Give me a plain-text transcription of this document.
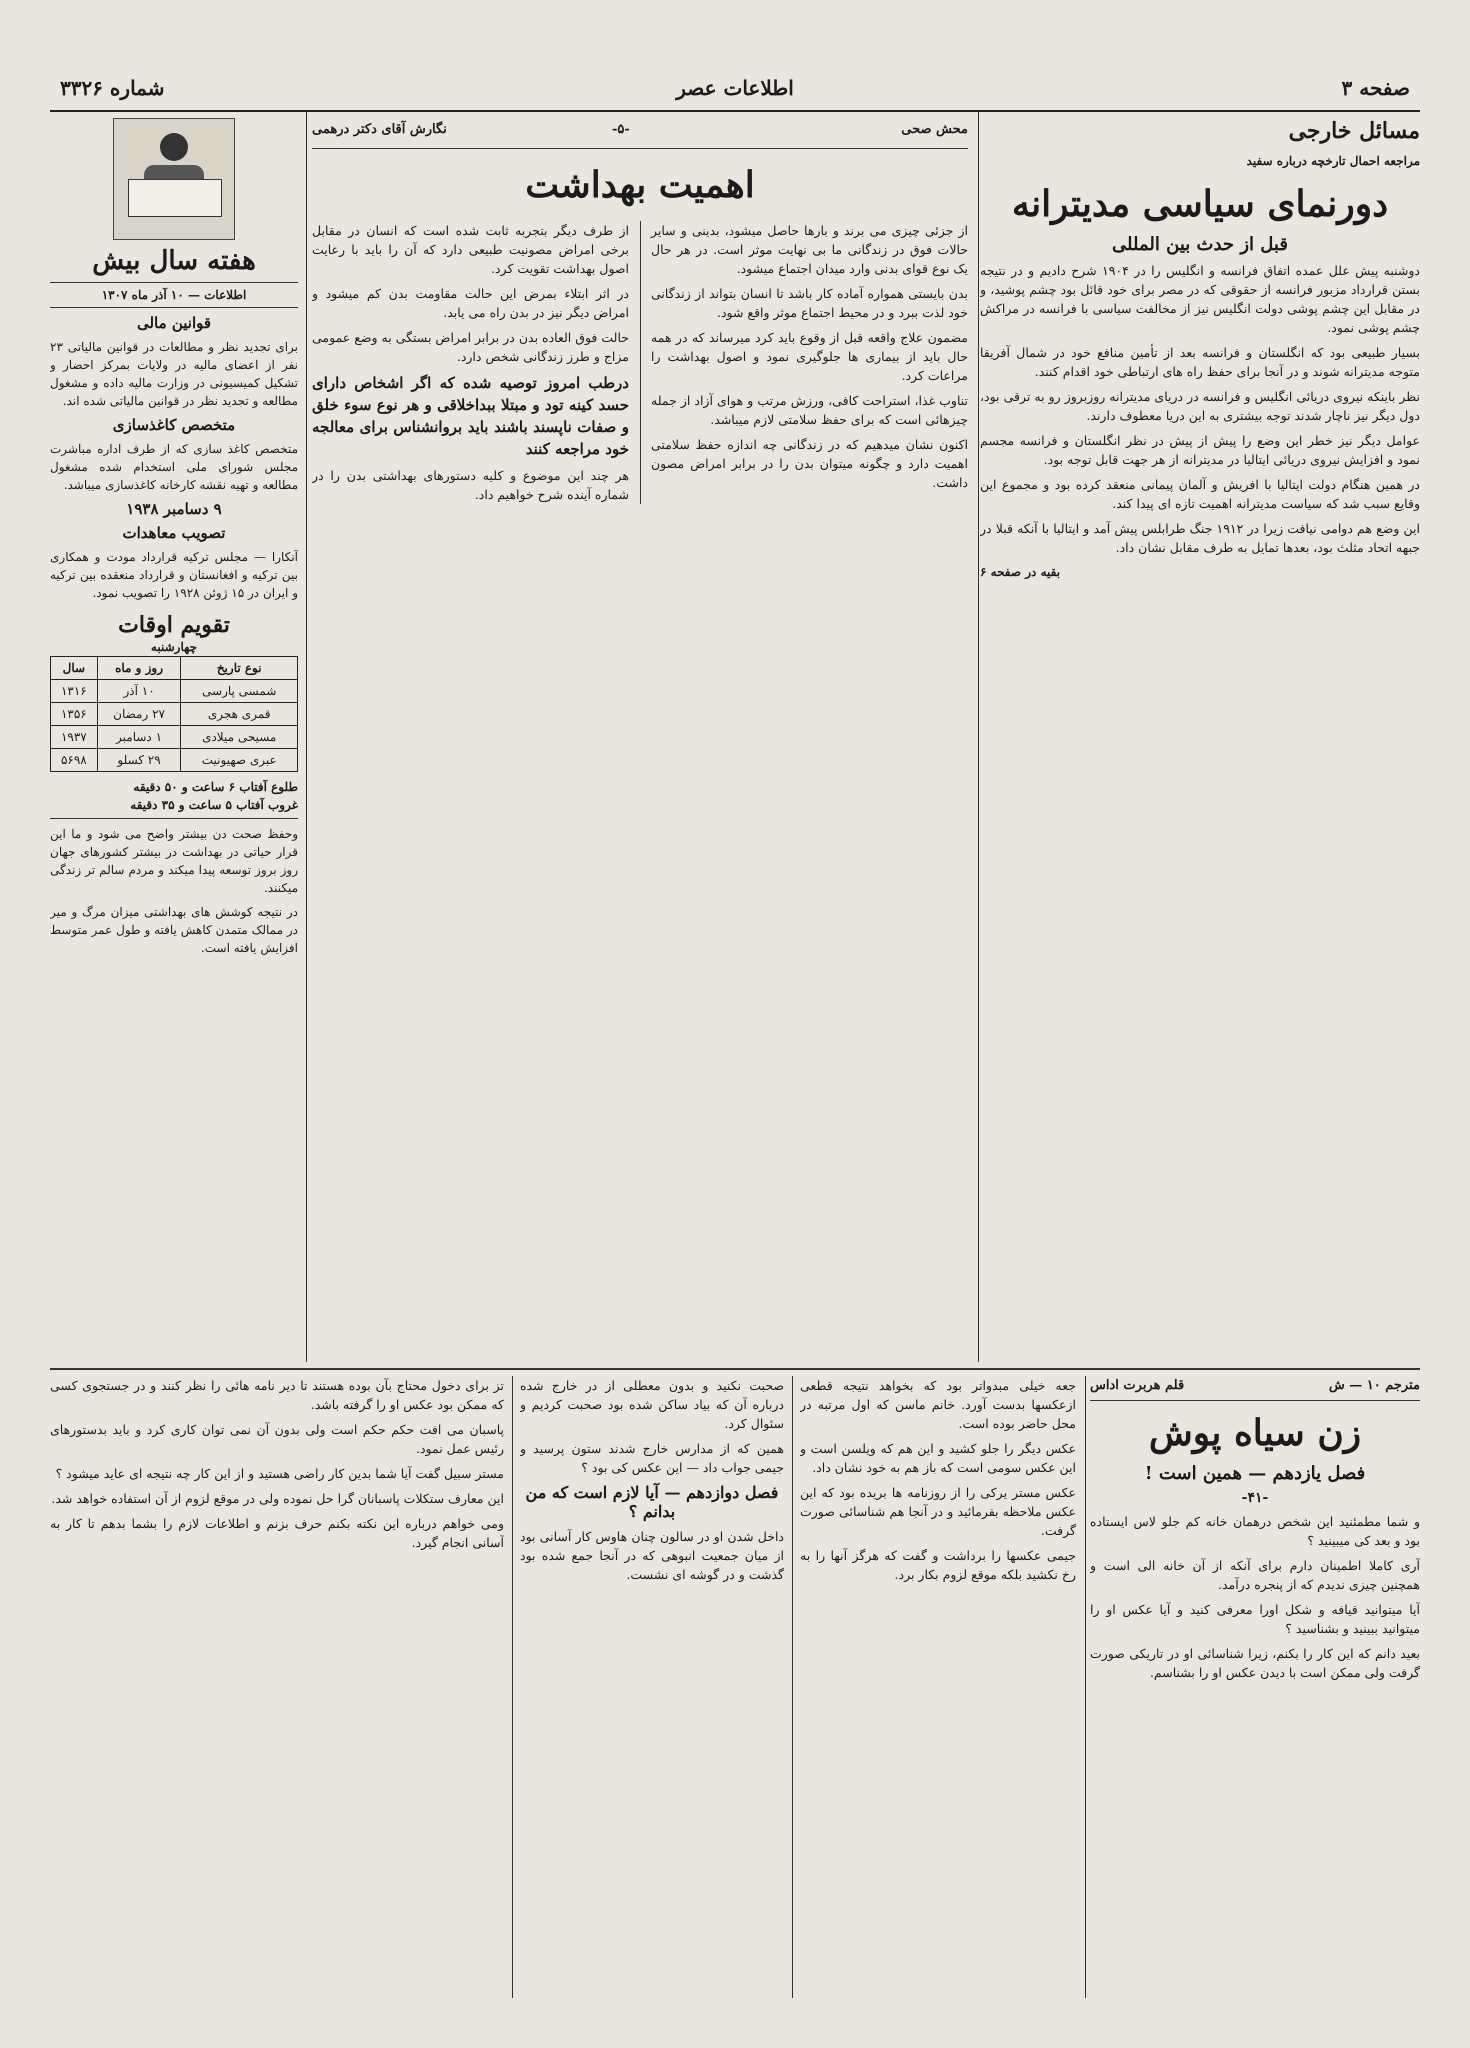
صفحه ۳
اطلاعات عصر
شماره ۳۳۲۶
مسائل خارجی
مراجعه احمال تارخچه درباره سفید
دورنمای سیاسی مدیترانه
قبل از حدث بین المللی

دوشنبه پیش علل عمده اتفاق فرانسه و انگلیس را در ۱۹۰۴ شرح دادیم و در نتیجه بستن قرارداد مزبور فرانسه از حقوقی که در مصر برای خود قائل بود چشم پوشید، و در مقابل این چشم پوشی دولت انگلیس نیز از مخالفت سیاسی با فرانسه در مراکش چشم پوشی نمود.

بسیار طبیعی بود که انگلستان و فرانسه بعد از تأمین منافع خود در شمال آفریقا متوجه مدیترانه شوند و در آنجا برای حفظ راه های ارتباطی خود اقدام کنند.

نظر باینکه نیروی دریائی انگلیس و فرانسه در دریای مدیترانه روزبروز رو به ترقی بود، دول دیگر نیز ناچار شدند توجه بیشتری به این دریا معطوف دارند.

عوامل دیگر نیز خطر این وضع را پیش از پیش در نظر انگلستان و فرانسه مجسم نمود و افزایش نیروی دریائی ایتالیا در مدیترانه از هر جهت قابل توجه بود.

در همین هنگام دولت ایتالیا با افریش و آلمان پیمانی منعقد کرده بود و مجموع این وقایع سبب شد که سیاست مدیترانه اهمیت تازه ای پیدا کند.

این وضع هم دوامی نیافت زیرا در ۱۹۱۲ جنگ طرابلس پیش آمد و ایتالیا با آنکه قبلا در جبهه اتحاد مثلث بود، بعدها تمایل به طرف مقابل نشان داد.

بقیه در صفحه ۶
محش صحی
-۵-
نگارش آقای دکتر درهمی
اهمیت بهداشت

از جزئی چیزی می برند و بارها حاصل میشود، بدینی و سایر حالات فوق در زندگانی ما بی نهایت موثر است. در هر حال یک نوع قوای بدنی وارد میدان اجتماع میشود.

بدن بایستی همواره آماده کار باشد تا انسان بتواند از زندگانی خود لذت ببرد و در محیط اجتماع موثر واقع شود.

مضمون علاج واقعه قبل از وقوع باید کرد میرساند که در همه حال باید از بیماری ها جلوگیری نمود و اصول بهداشت را مراعات کرد.

تناوب غذا، استراحت کافی، ورزش مرتب و هوای آزاد از جمله چیزهائی است که برای حفظ سلامتی لازم میباشد.

اکنون نشان میدهیم که در زندگانی چه اندازه حفظ سلامتی اهمیت دارد و چگونه میتوان بدن را در برابر امراض مصون داشت.

از طرف دیگر بتجربه ثابت شده است که انسان در مقابل برخی امراض مصونیت طبیعی دارد که آن را باید با رعایت اصول بهداشت تقویت کرد.

در اثر ابتلاء بمرض این حالت مقاومت بدن کم میشود و امراض دیگر نیز در بدن راه می یابد.

حالت فوق العاده بدن در برابر امراض بستگی به وضع عمومی مزاج و طرز زندگانی شخص دارد.

درطب امروز توصیه شده که اگر اشخاص دارای حسد کینه تود و مبتلا ببداخلاقی و هر نوع سوء خلق و صفات ناپسند باشند باید بروانشناس برای معالجه خود مراجعه کنند

هر چند این موضوع و کلیه دستورهای بهداشتی بدن را در شماره آینده شرح خواهیم داد.

هفته سال بیش
اطلاعات — ۱۰ آذر ماه ۱۳۰۷
قوانین مالی

برای تجدید نظر و مطالعات در قوانین مالیاتی ۲۳ نفر از اعضای مالیه در ولایات بمرکز احضار و تشکیل کمیسیونی در وزارت مالیه داده و مشغول مطالعه و تجدید نظر در قوانین مالیاتی شده اند.

متخصص کاغذسازی

متخصص کاغذ سازی که از طرف اداره مباشرت مجلس شورای ملی استخدام شده مشغول مطالعه و تهیه نقشه کارخانه کاغذسازی میباشد.

۹ دسامبر ۱۹۳۸
تصویب معاهدات

آنکارا — مجلس ترکیه قرارداد مودت و همکاری بین ترکیه و افغانستان و قرارداد منعقده بین ترکیه و ایران در ۱۵ ژوئن ۱۹۲۸ را تصویب نمود.

تقویم اوقات
چهارشنبه
نوع تاریخ	روز و ماه	سال
شمسی پارسی	۱۰ آذر	۱۳۱۶
قمری هجری	۲۷ رمضان	۱۳۵۶
مسیحی میلادی	۱ دسامبر	۱۹۳۷
عبری صهیونیت	۲۹ کسلو	۵۶۹۸
طلوع آفتاب ۶ ساعت و ۵۰ دقیقه
غروب آفتاب ۵ ساعت و ۳۵ دقیقه

وحفظ صحت دن بیشتر واضح می شود و ما این قرار حیاتی در بهداشت در بیشتر کشورهای جهان روز بروز توسعه پیدا میکند و مردم سالم تر زندگی میکنند.

در نتیجه کوشش های بهداشتی میزان مرگ و میر در ممالک متمدن کاهش یافته و طول عمر متوسط افزایش یافته است.

مترجم ۱۰ — ش
قلم هربرت اداس
زن سیاه پوش
فصل یازدهم — همین است !
-۴۱-

و شما مطمئنید این شخص درهمان خانه کم جلو لاس ایستاده بود و بعد کی میبینید ؟

آری کاملا اطمینان دارم برای آنکه از آن خانه الی است و همچنین چیزی ندیدم که از پنجره درآمد.

آیا میتوانید قیافه و شکل اورا معرفی کنید و آیا عکس او را میتوانید ببینید و بشناسید ؟

بعید دانم که این کار را بکنم، زیرا شناسائی او در تاریکی صورت گرفت ولی ممکن است با دیدن عکس او را بشناسم.

جعه خیلی مبدواتر بود که بخواهد نتیجه قطعی ازعکسها بدست آورد. خانم ماسن که اول مرتبه در محل حاضر بوده است.

عکس دیگر را جلو کشید و این هم که ویلسن است و این عکس سومی است که باز هم به خود نشان داد.

عکس مستر یرکی را از روزنامه ها بریده بود که این عکس ملاحظه بفرمائید و در آنجا هم شناسائی صورت گرفت.

جیمی عکسها را برداشت و گفت که هرگز آنها را به رخ نکشید بلکه موقع لزوم بکار برد.

صحبت نکنید و بدون معطلی از در خارج شده درباره آن که بیاد ساکن شده بود صحبت کردیم و سئوال کرد.

همین که از مدارس خارج شدند ستون پرسید و جیمی جواب داد — این عکس کی بود ؟

فصل دوازدهم — آیا لازم است که من بدانم ؟

داخل شدن او در سالون چنان هاوس کار آسانی بود از میان جمعیت انبوهی که در آنجا جمع شده بود گذشت و در گوشه ای نشست.

تز برای دخول محتاج بآن بوده هستند تا دیر نامه هائی را نظر کنند و در جستجوی کسی که ممکن بود عکس او را گرفته باشد.

پاسبان می افت حکم حکم است ولی بدون آن نمی توان کاری کرد و باید بدستورهای رئیس عمل نمود.

مستر سبیل گفت آیا شما بدین کار راضی هستید و از این کار چه نتیجه ای عاید میشود ؟

این معارف ستکلات پاسبانان گرا حل نموده ولی در موقع لزوم از آن استفاده خواهد شد.

ومی خواهم درباره این نکته بکنم حرف بزنم و اطلاعات لازم را بشما بدهم تا کار به آسانی انجام گیرد.
